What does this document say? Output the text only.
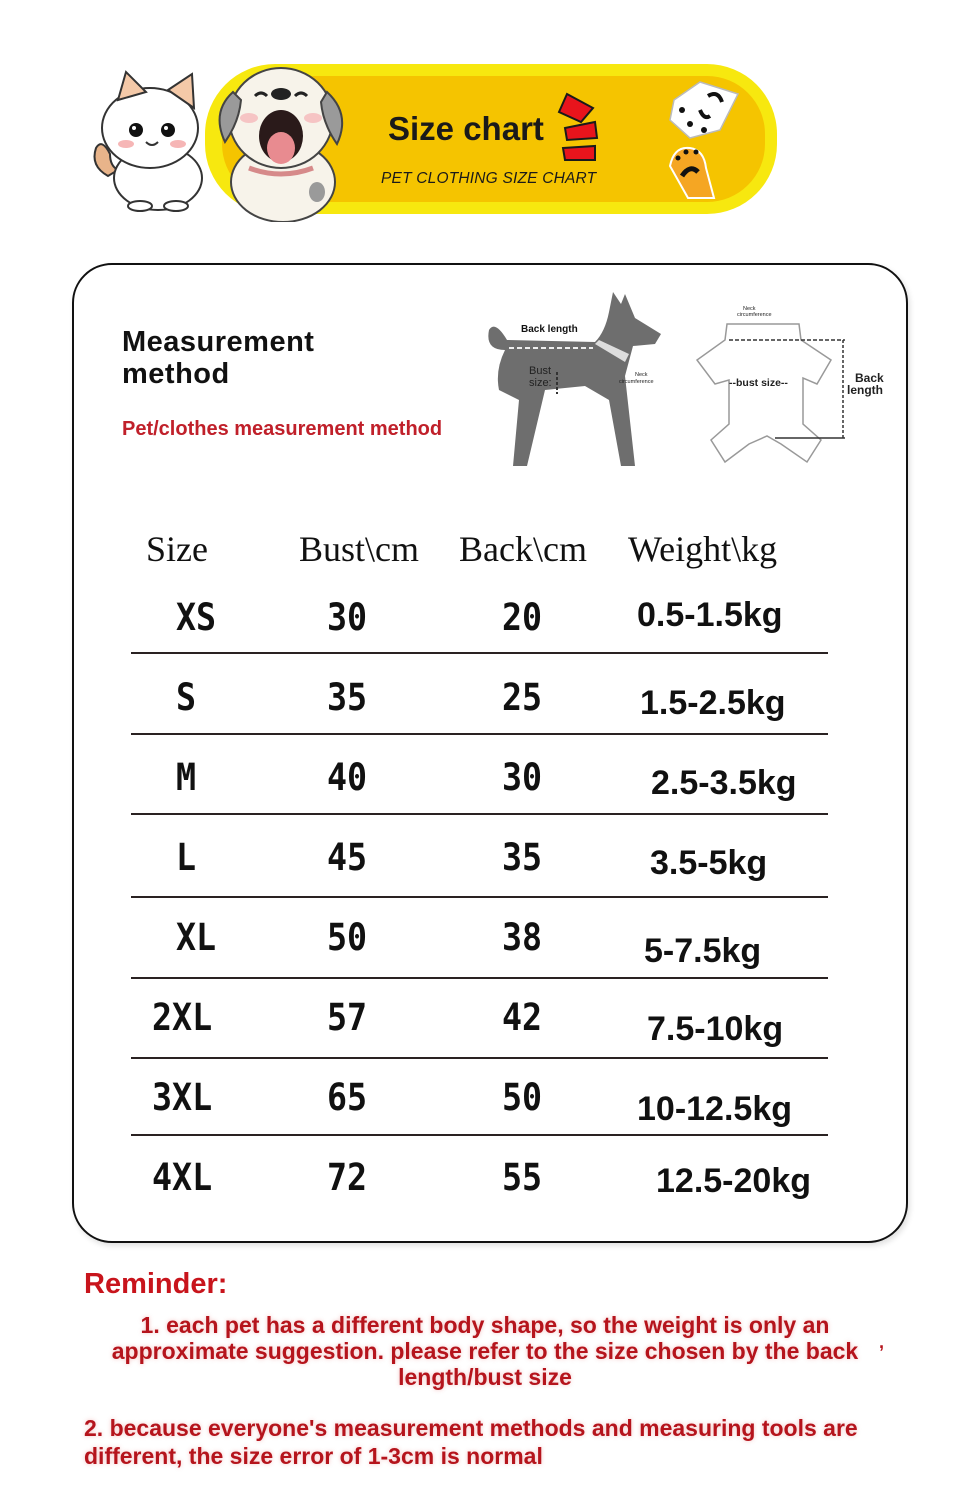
Size chart
PET CLOTHING SIZE CHART
Measurement
method
Pet/clothes measurement method
Back length
Bust
size:
Neck
circumference
Neck
circumference
--bust size--	Back
length
Size	Bust\cm Back\cm Weight\kg
XS	30	20	0.5-1.5kg
S	35	25	1.5-2.5kg
M	40	30	2.5-3.5kg
L	45	35	3.5-5kg
XL	50	38	5-7.5kg
2XL	57	42	7.5-10kg
3XL	65	50	10-12.5kg
4XL	72	55	12.5-20kg
Reminder:
1. each pet has a different body shape, so the weight is only an approximate suggestion. please refer to the size chosen by the back length/bust size
,
2. because everyone's measurement methods and measuring tools are different, the size error of 1-3cm is normal
